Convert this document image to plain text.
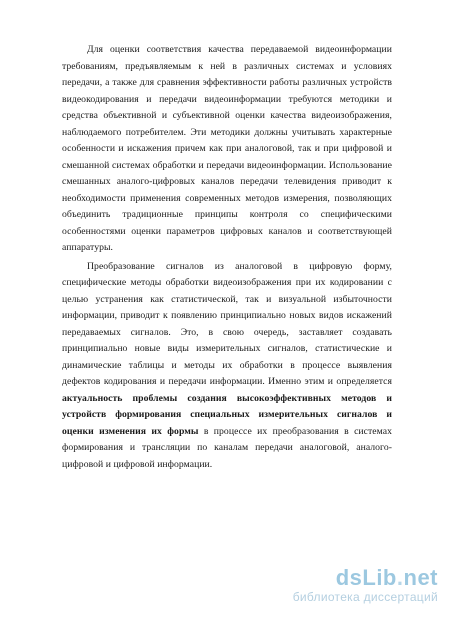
Для оценки соответствия качества передаваемой видеоинформации требованиям, предъявляемым к ней в различных системах и условиях передачи, а также для сравнения эффективности работы различных устройств видеокодирования и передачи видеоинформации требуются методики и средства объективной и субъективной оценки качества видеоизображения, наблюдаемого потребителем. Эти методики должны учитывать характерные особенности и искажения причем как при аналоговой, так и при цифровой и смешанной системах обработки и передачи видеоинформации. Использование смешанных аналого-цифровых каналов передачи телевидения приводит к необходимости применения современных методов измерения, позволяющих объединить традиционные принципы контроля со специфическими особенностями оценки параметров цифровых каналов и соответствующей аппаратуры.

Преобразование сигналов из аналоговой в цифровую форму, специфические методы обработки видеоизображения при их кодировании с целью устранения как статистической, так и визуальной избыточности информации, приводит к появлению принципиально новых видов искажений передаваемых сигналов. Это, в свою очередь, заставляет создавать принципиально новые виды измерительных сигналов, статистические и динамические таблицы и методы их обработки в процессе выявления дефектов кодирования и передачи информации. Именно этим и определяется актуальность проблемы создания высокоэффективных методов и устройств формирования специальных измерительных сигналов и оценки изменения их формы в процессе их преобразования в системах формирования и трансляции по каналам передачи аналоговой, аналого-цифровой и цифровой информации.

dsLib.net
библиотека диссертаций
